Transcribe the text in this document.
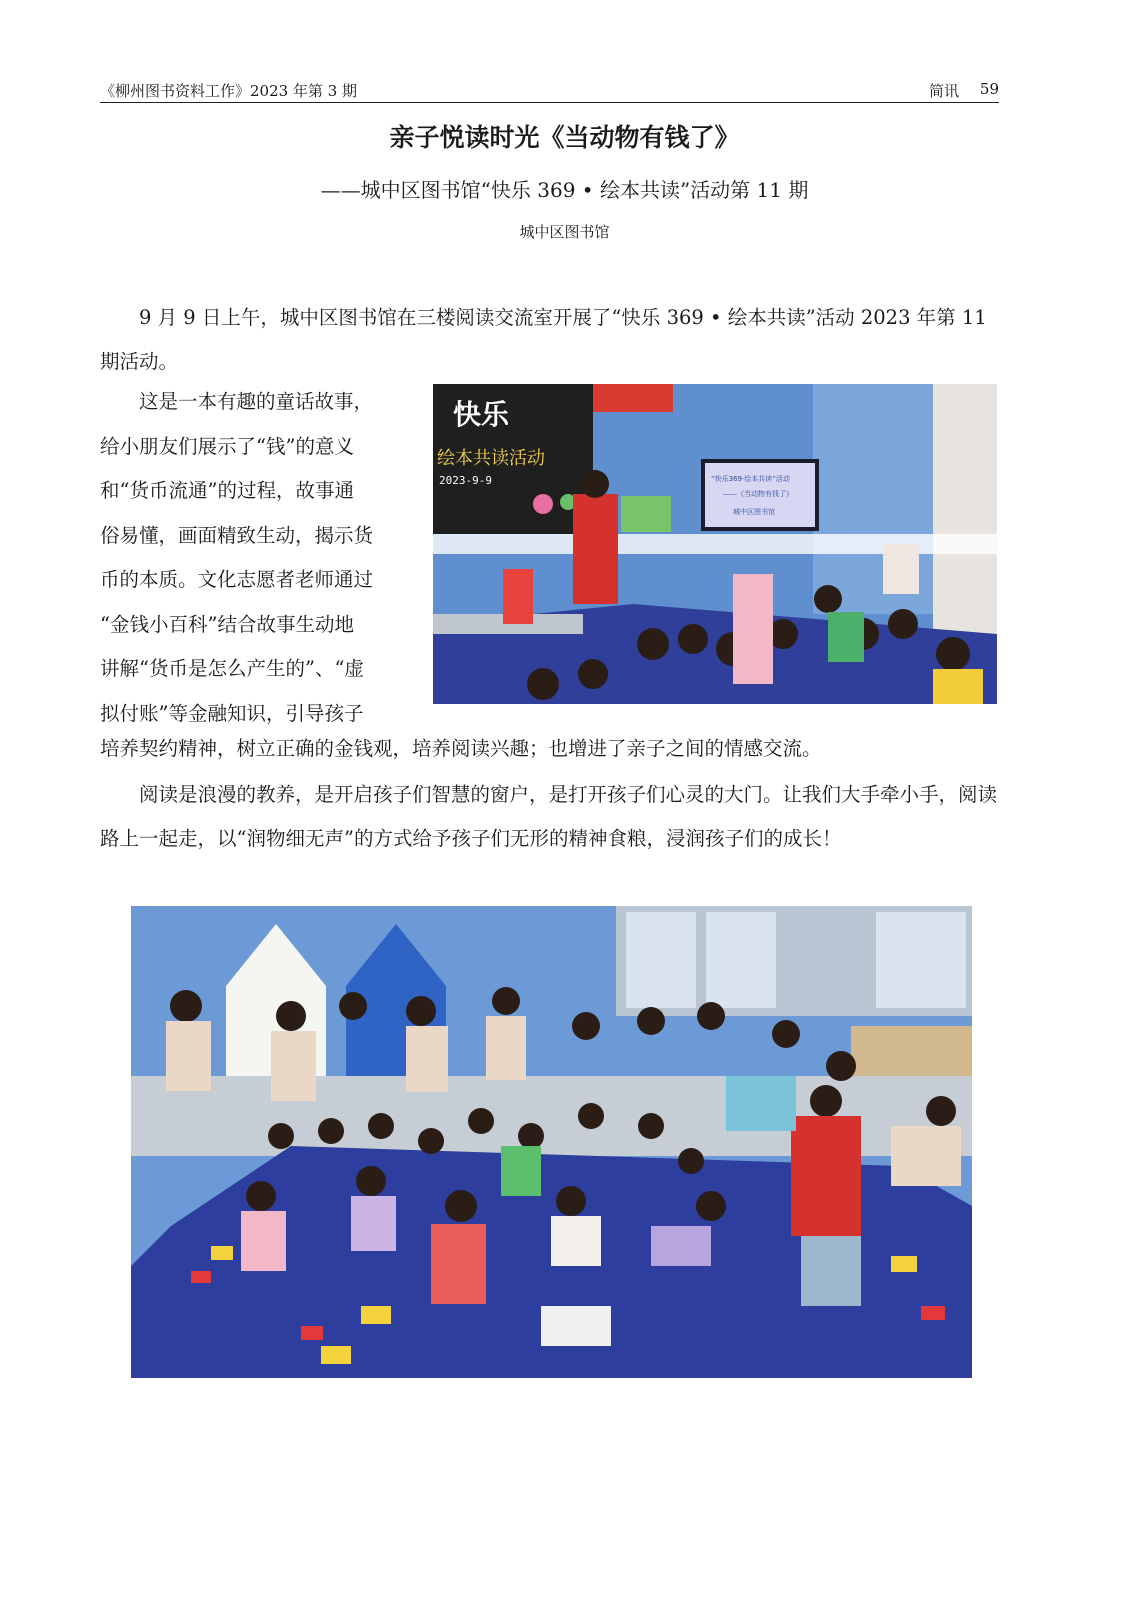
《柳州图书资料工作》2023 年第 3 期	简讯 59
亲子悦读时光《当动物有钱了》
——城中区图书馆“快乐 369 • 绘本共读”活动第 11 期
城中区图书馆

9 月 9 日上午，城中区图书馆在三楼阅读交流室开展了“快乐 369 • 绘本共读”活动 2023 年第 11 期活动。

这是一本有趣的童话故事，
给小朋友们展示了“钱”的意义
和“货币流通”的过程，故事通
俗易懂，画面精致生动，揭示货
币的本质。文化志愿者老师通过
“金钱小百科”结合故事生动地
讲解“货币是怎么产生的”、“虚
拟付账”等金融知识，引导孩子

培养契约精神，树立正确的金钱观，培养阅读兴趣；也增进了亲子之间的情感交流。

阅读是浪漫的教养，是开启孩子们智慧的窗户，是打开孩子们心灵的大门。让我们大手牵小手，阅读路上一起走，以“润物细无声”的方式给予孩子们无形的精神食粮，浸润孩子们的成长！

快乐
绘本共读活动
2023-9-9	“快乐369·绘本共读”活动
——《当动物有钱了》
城中区图书馆
